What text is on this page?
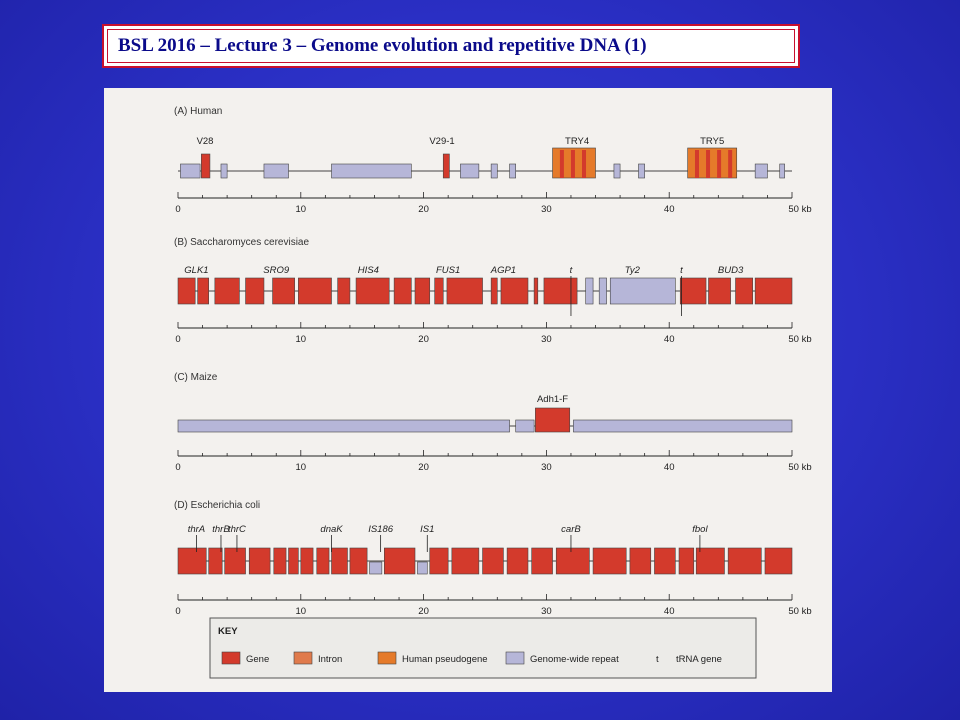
BSL 2016 – Lecture 3 – Genome evolution and repetitive DNA (1)
(A) Human
V28	V29-1	TRY4	TRY5
0	10	20	30	40	50 kb
(B) Saccharomyces cerevisiae
GLK1	SRO9	HIS4	FUS1	AGP1	t	Ty2	t	BUD3
0	10	20	30	40	50 kb
(C) Maize
Adh1-F
0	10	20	30	40	50 kb
(D) Escherichia coli
thrA thrB
thrC	dnaK	IS186	IS1	carB	fbol
0	10	20	30	40	50 kb
KEY
Gene	Intron	Human pseudogene	Genome-wide repeat	t tRNA gene
